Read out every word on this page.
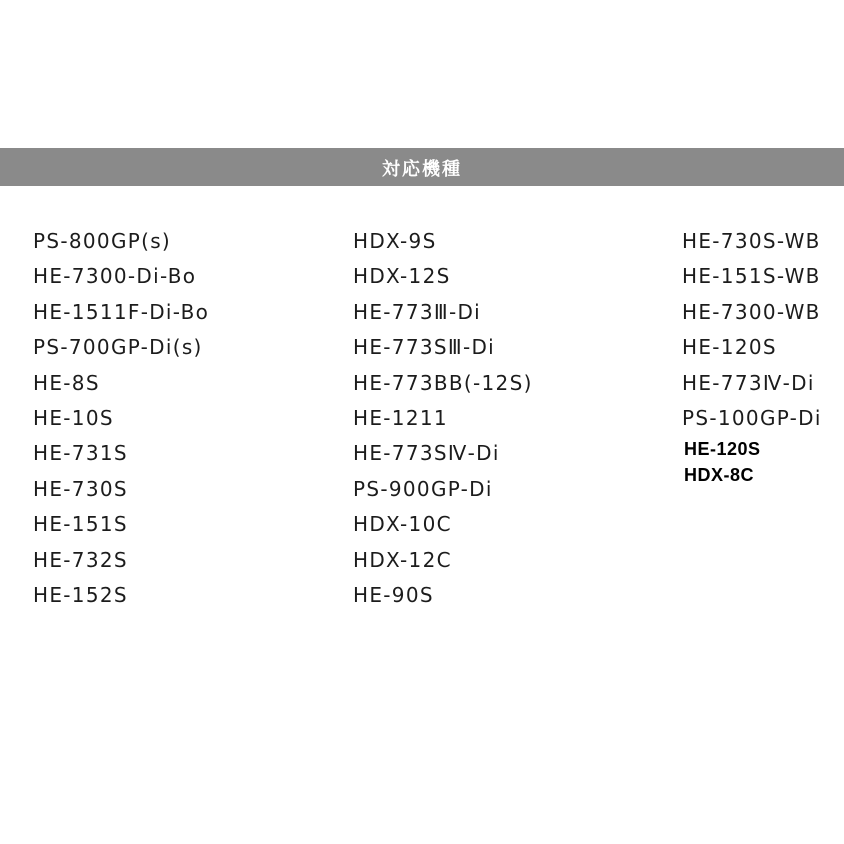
対応機種
PS-800GP(s)
HE-7300-Di-Bo
HE-1511F-Di-Bo
PS-700GP-Di(s)
HE-8S
HE-10S
HE-731S
HE-730S
HE-151S
HE-732S
HE-152S
HDX-9S
HDX-12S
HE-773Ⅲ-Di
HE-773SⅢ-Di
HE-773BB(-12S)
HE-1211
HE-773SⅣ-Di
PS-900GP-Di
HDX-10C
HDX-12C
HE-90S
HE-730S-WB
HE-151S-WB
HE-7300-WB
HE-120S
HE-773Ⅳ-Di
PS-100GP-Di
HE-120S
HDX-8C
